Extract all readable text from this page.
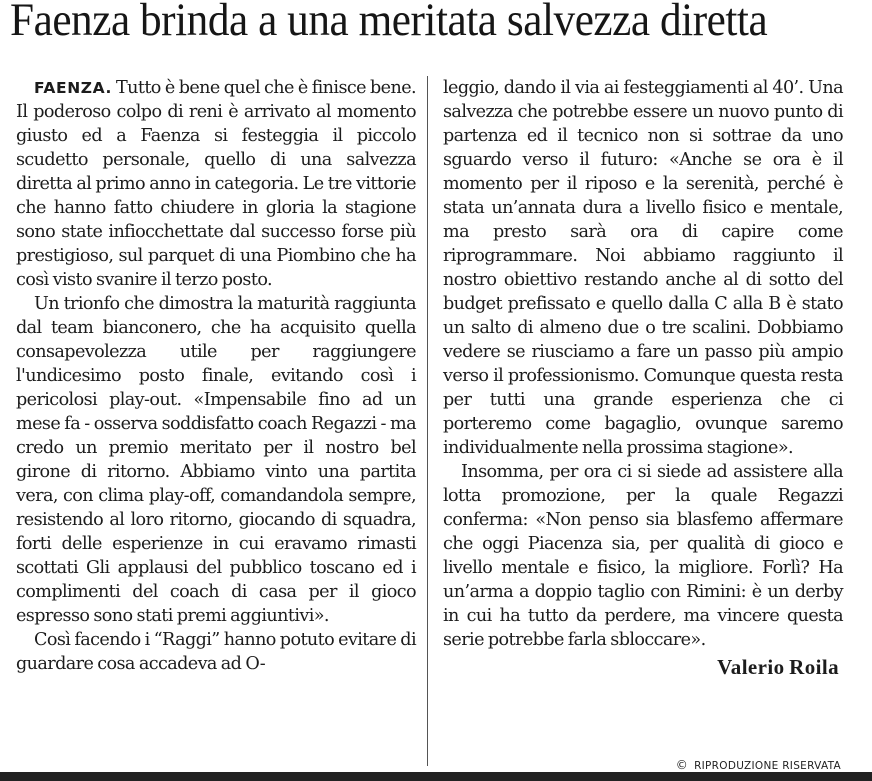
Faenza brinda a una meritata salvezza diretta

FAENZA. Tutto è bene quel che è finisce bene. Il poderoso colpo di reni è arrivato al momento giusto ed a Faenza si festeggia il piccolo scudetto personale, quello di una salvezza diretta al primo anno in categoria. Le tre vittorie che hanno fatto chiudere in gloria la stagione sono state infiocchettate dal successo forse più prestigioso, sul parquet di una Piombino che ha così visto svanire il terzo posto.

Un trionfo che dimostra la maturità raggiunta dal team bianconero, che ha acquisito quella consapevolezza utile per raggiungere l'undicesimo posto finale, evitando così i pericolosi play-out. «Impensabile fino ad un mese fa - osserva soddisfatto coach Regazzi - ma credo un premio meritato per il nostro bel girone di ritorno. Abbiamo vinto una partita vera, con clima play-off, comandandola sempre, resistendo al loro ritorno, giocando di squadra, forti delle esperienze in cui eravamo rimasti scottati Gli applausi del pubblico toscano ed i complimenti del coach di casa per il gioco espresso sono stati premi aggiuntivi».

Così facendo i “Raggi” hanno potuto evitare di guardare cosa accadeva ad O-

leggio, dando il via ai festeggiamenti al 40’. Una salvezza che potrebbe essere un nuovo punto di partenza ed il tecnico non si sottrae da uno sguardo verso il futuro: «Anche se ora è il momento per il riposo e la serenità, perché è stata un’annata dura a livello fisico e mentale, ma presto sarà ora di capire come riprogrammare. Noi abbiamo raggiunto il nostro obiettivo restando anche al di sotto del budget prefissato e quello dalla C alla B è stato un salto di almeno due o tre scalini. Dobbiamo vedere se riusciamo a fare un passo più ampio verso il professionismo. Comunque questa resta per tutti una grande esperienza che ci porteremo come bagaglio, ovunque saremo individualmente nella prossima stagione».

Insomma, per ora ci si siede ad assistere alla lotta promozione, per la quale Regazzi conferma: «Non penso sia blasfemo affermare che oggi Piacenza sia, per qualità di gioco e livello mentale e fisico, la migliore. Forlì? Ha un’arma a doppio taglio con Rimini: è un derby in cui ha tutto da perdere, ma vincere questa serie potrebbe farla sbloccare».

Valerio Roila

© RIPRODUZIONE RISERVATA
